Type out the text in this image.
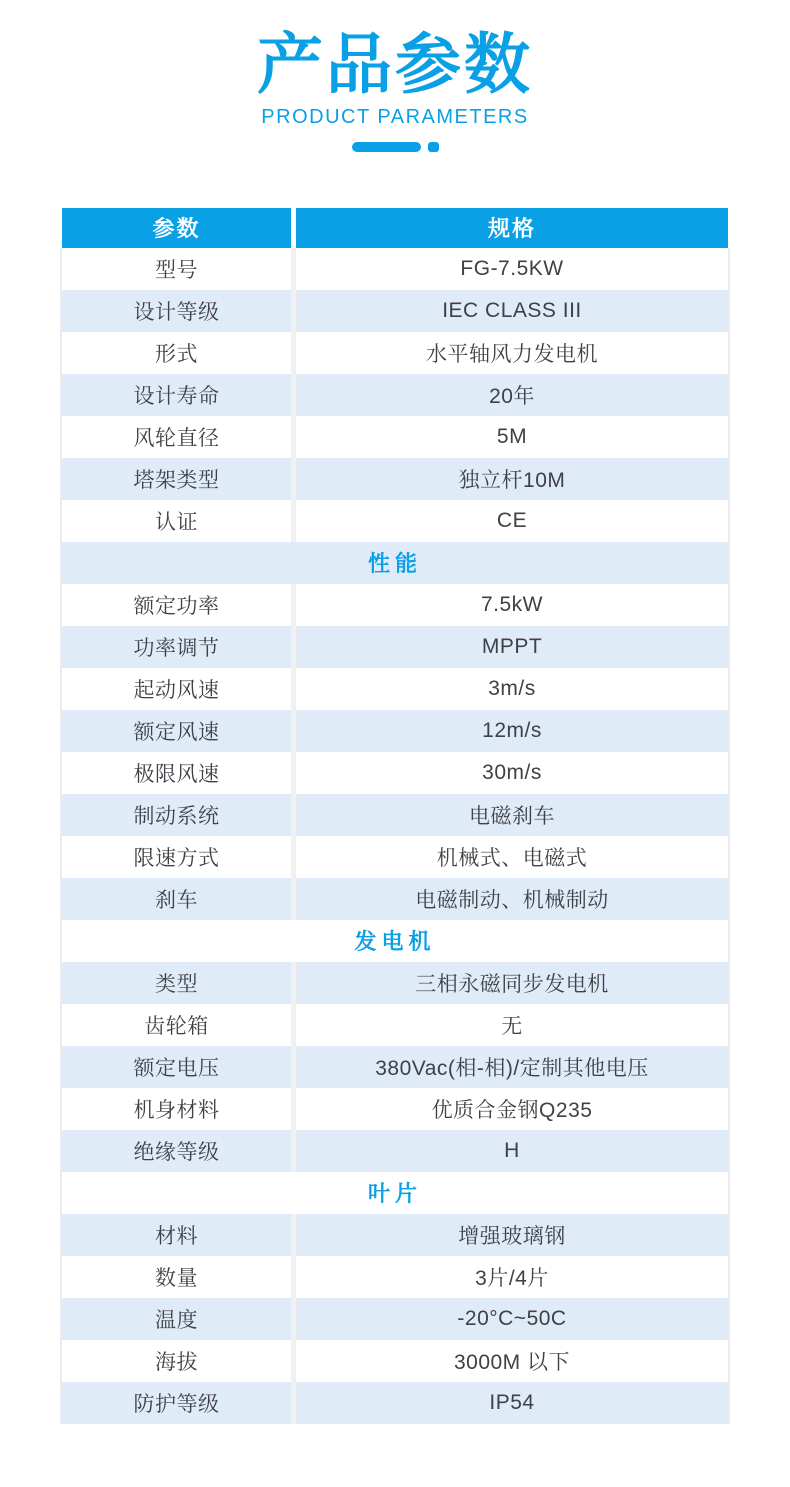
产品参数
PRODUCT PARAMETERS
参数	规格
型号	FG-7.5KW
设计等级	IEC CLASS III
形式	水平轴风力发电机
设计寿命	20年
风轮直径	5M
塔架类型	独立杆10M
认证	CE
性能
额定功率	7.5kW
功率调节	MPPT
起动风速	3m/s
额定风速	12m/s
极限风速	30m/s
制动系统	电磁刹车
限速方式	机械式、电磁式
刹车	电磁制动、机械制动
发电机
类型	三相永磁同步发电机
齿轮箱	无
额定电压	380Vac(相-相)/定制其他电压
机身材料	优质合金钢Q235
绝缘等级	H
叶片
材料	增强玻璃钢
数量	3片/4片
温度	-20°C~50C
海拔	3000M 以下
防护等级	IP54
